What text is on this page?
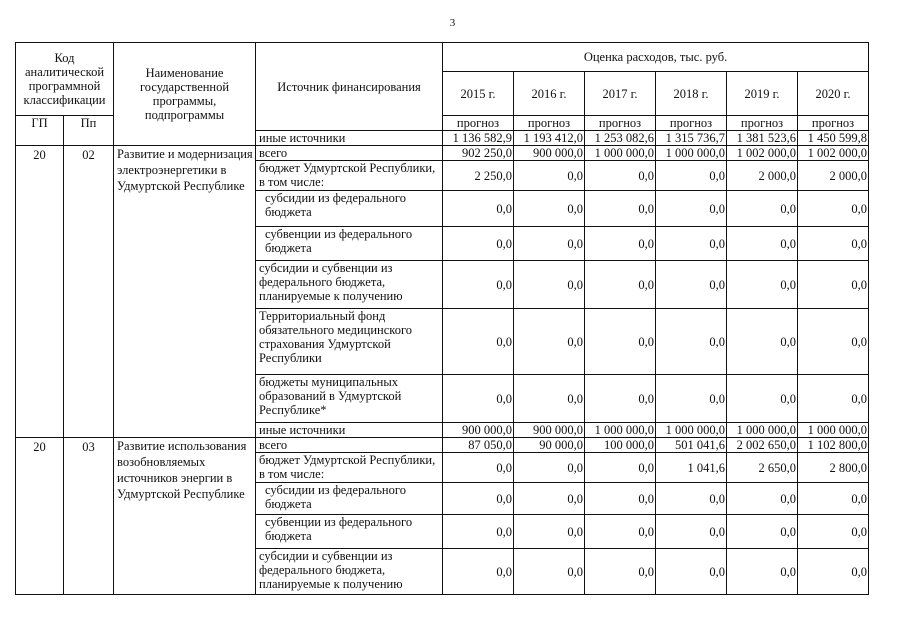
3
Код аналитической программной классификации		Наименование государственной программы, подпрограммы	Источник финансирования	Оценка расходов, тыс. руб.					
				2015 г.	2016 г.	2017 г.	2018 г.	2019 г.	2020 г.
ГП	Пп			прогноз	прогноз	прогноз	прогноз	прогноз	прогноз
			иные источники	1 136 582,9	1 193 412,0	1 253 082,6	1 315 736,7	1 381 523,6	1 450 599,8
20	02	Развитие и модернизация электроэнергетики в Удмуртской Республике	всего	902 250,0	900 000,0	1 000 000,0	1 000 000,0	1 002 000,0	1 002 000,0
			бюджет Удмуртской Республики, в том числе:	2 250,0	0,0	0,0	0,0	2 000,0	2 000,0
			субсидии из федерального бюджета	0,0	0,0	0,0	0,0	0,0	0,0
			субвенции из федерального бюджета	0,0	0,0	0,0	0,0	0,0	0,0
			субсидии и субвенции из федерального бюджета, планируемые к получению	0,0	0,0	0,0	0,0	0,0	0,0
			Территориальный фонд обязательного медицинского страхования Удмуртской Республики	0,0	0,0	0,0	0,0	0,0	0,0
			бюджеты муниципальных образований в Удмуртской Республике*	0,0	0,0	0,0	0,0	0,0	0,0
			иные источники	900 000,0	900 000,0	1 000 000,0	1 000 000,0	1 000 000,0	1 000 000,0
20	03	Развитие использования возобновляемых источников энергии в Удмуртской Республике	всего	87 050,0	90 000,0	100 000,0	501 041,6	2 002 650,0	1 102 800,0
			бюджет Удмуртской Республики, в том числе:	0,0	0,0	0,0	1 041,6	2 650,0	2 800,0
			субсидии из федерального бюджета	0,0	0,0	0,0	0,0	0,0	0,0
			субвенции из федерального бюджета	0,0	0,0	0,0	0,0	0,0	0,0
			субсидии и субвенции из федерального бюджета, планируемые к получению	0,0	0,0	0,0	0,0	0,0	0,0
